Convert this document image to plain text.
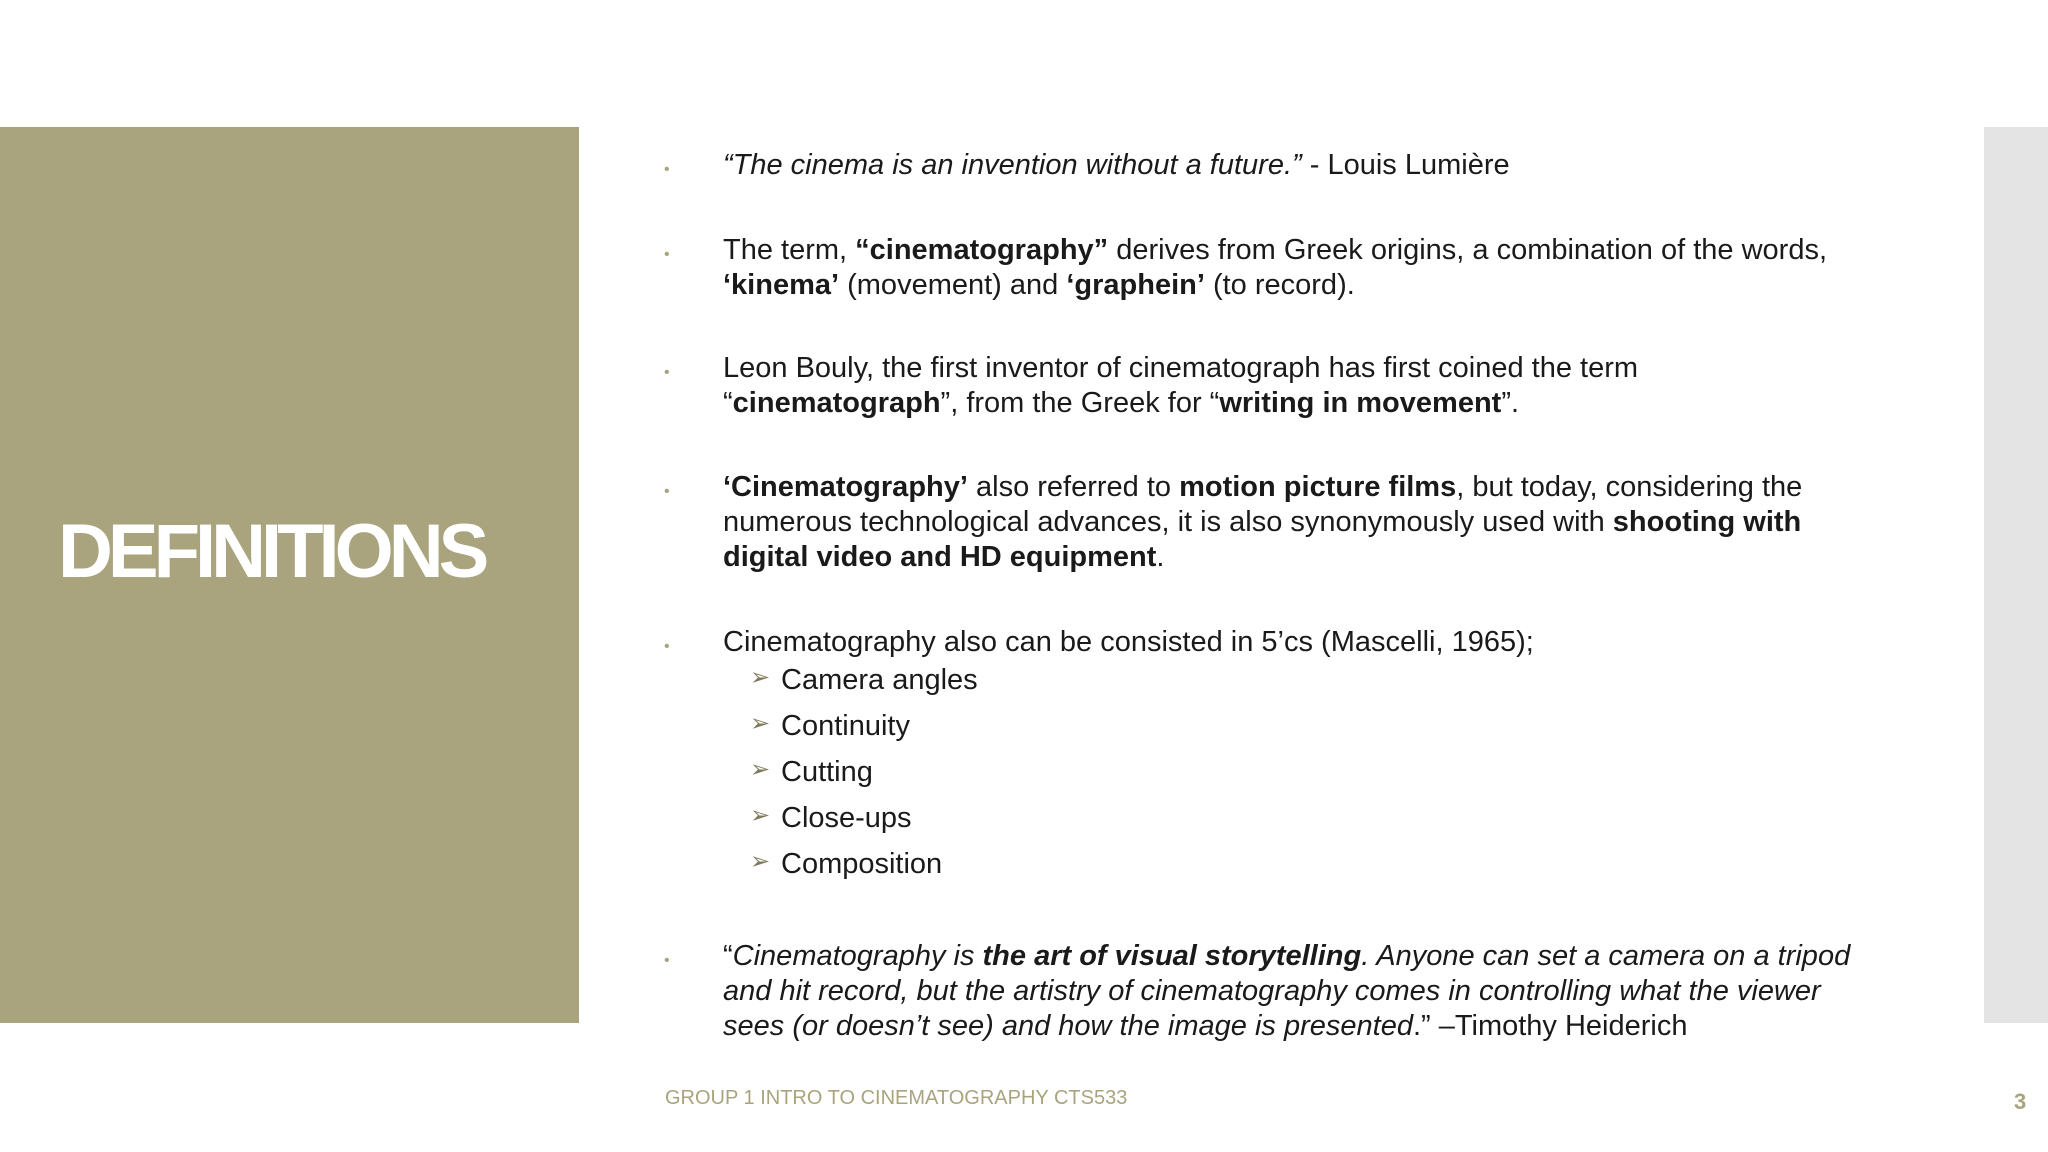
DEFINITIONS
• “The cinema is an invention without a future.” - Louis Lumière
• The term, “cinematography” derives from Greek origins, a combination of the words, ‘kinema’ (movement) and ‘graphein’ (to record).
• Leon Bouly, the first inventor of cinematograph has first coined the term “cinematograph”, from the Greek for “writing in movement”.
• ‘Cinematography’ also referred to motion picture films, but today, considering the numerous technological advances, it is also synonymously used with shooting with digital video and HD equipment.
• Cinematography also can be consisted in 5’cs (Mascelli, 1965);
➢ Camera angles
➢ Continuity
➢ Cutting
➢ Close-ups
➢ Composition
• “Cinematography is the art of visual storytelling. Anyone can set a camera on a tripod and hit record, but the artistry of cinematography comes in controlling what the viewer sees (or doesn’t see) and how the image is presented.” –Timothy Heiderich
GROUP 1 INTRO TO CINEMATOGRAPHY CTS533	3
